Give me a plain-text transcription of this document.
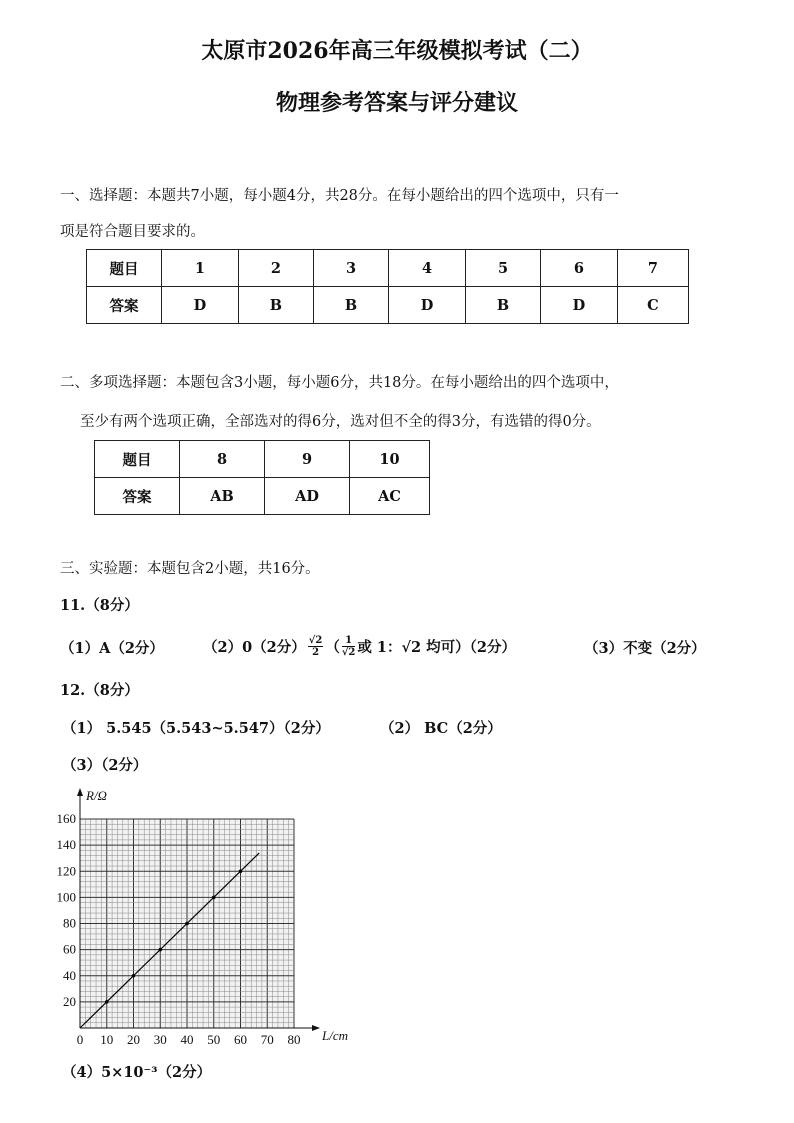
太原市2026年高三年级模拟考试（二）
物理参考答案与评分建议
一、选择题：本题共7小题，每小题4分，共28分。在每小题给出的四个选项中，只有一
项是符合题目要求的。
题目	1	2	3	4	5	6	7
答案	D	B	B	D	B	D	C
二、多项选择题：本题包含3小题，每小题6分，共18分。在每小题给出的四个选项中，
至少有两个选项正确，全部选对的得6分，选对但不全的得3分，有选错的得0分。
题目	8	9	10
答案	AB	AD	AC
三、实验题：本题包含2小题，共16分。
11.（8分）
（1）A（2分）	（2）0（2分） $\frac{√2}{2}$ （ $\frac{1}{√2}$ 或 1：√2 均可）（2分）	（3）不变（2分）
12.（8分）
（1） 5.545（5.543~5.547）（2分）	（2） BC（2分）
（3）（2分）
0 10 20 30 40 50 60 70 80
20
40
60
80
100
120
140
160
R/Ω
L/cm
（4）5×10⁻³（2分）
